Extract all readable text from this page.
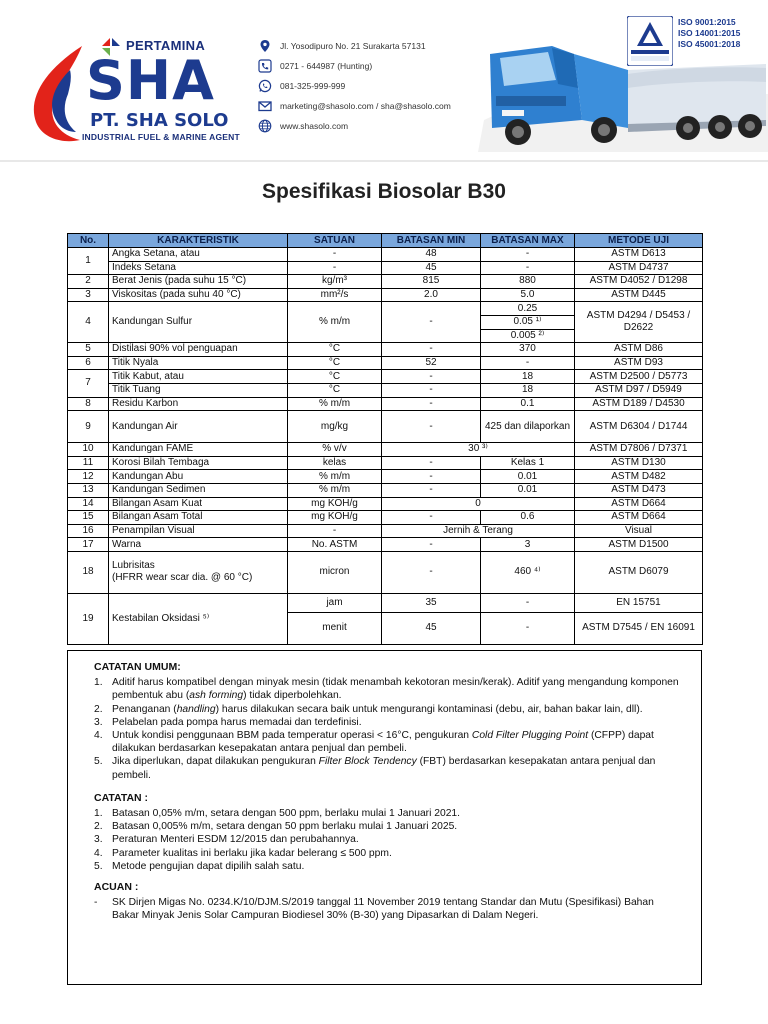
PERTAMINA
SHA
PT. SHA SOLO
INDUSTRIAL FUEL & MARINE AGENT
Jl. Yosodipuro No. 21 Surakarta 57131
0271 - 644987 (Hunting)
081-325-999-999
marketing@shasolo.com / sha@shasolo.com
www.shasolo.com
ISO 9001:2015
ISO 14001:2015
ISO 45001:2018
Spesifikasi Biosolar B30
No.	KARAKTERISTIK	SATUAN	BATASAN MIN	BATASAN MAX	METODE UJI
1	Angka Setana, atau	-	48	-	ASTM D613
	Indeks Setana	-	45	-	ASTM D4737
2	Berat Jenis (pada suhu 15 °C)	kg/m³	815	880	ASTM D4052 / D1298
3	Viskositas (pada suhu 40 °C)	mm²/s	2.0	5.0	ASTM D445
4	Kandungan Sulfur	% m/m	-	0.25	ASTM D4294 / D5453 / D2622
				0.05 ¹⁾	
				0.005 ²⁾	
5	Distilasi 90% vol penguapan	°C	-	370	ASTM D86
6	Titik Nyala	°C	52	-	ASTM D93
7	Titik Kabut, atau	°C	-	18	ASTM D2500 / D5773
	Titik Tuang	°C	-	18	ASTM D97 / D5949
8	Residu Karbon	% m/m	-	0.1	ASTM D189 / D4530
9	Kandungan Air	mg/kg	-	425 dan dilaporkan	ASTM D6304 / D1744
10	Kandungan FAME	% v/v	30 ³⁾		ASTM D7806 / D7371
11	Korosi Bilah Tembaga	kelas	-	Kelas 1	ASTM D130
12	Kandungan Abu	% m/m	-	0.01	ASTM D482
13	Kandungan Sedimen	% m/m	-	0.01	ASTM D473
14	Bilangan Asam Kuat	mg KOH/g	0		ASTM D664
15	Bilangan Asam Total	mg KOH/g	-	0.6	ASTM D664
16	Penampilan Visual	-	Jernih & Terang		Visual
17	Warna	No. ASTM	-	3	ASTM D1500
18	Lubrisitas
(HFRR wear scar dia. @ 60 °C)	micron	-	460 ⁴⁾	ASTM D6079
19	Kestabilan Oksidasi ⁵⁾	jam	35	-	EN 15751
		menit	45	-	ASTM D7545 / EN 16091
CATATAN UMUM:
1. Aditif harus kompatibel dengan minyak mesin (tidak menambah kekotoran mesin/kerak). Aditif yang mengandung komponen pembentuk abu (ash forming) tidak diperbolehkan.
2. Penanganan (handling) harus dilakukan secara baik untuk mengurangi kontaminasi (debu, air, bahan bakar lain, dll).
3. Pelabelan pada pompa harus memadai dan terdefinisi.
4. Untuk kondisi penggunaan BBM pada temperatur operasi < 16°C, pengukuran Cold Filter Plugging Point (CFPP) dapat dilakukan berdasarkan kesepakatan antara penjual dan pembeli.
5. Jika diperlukan, dapat dilakukan pengukuran Filter Block Tendency (FBT) berdasarkan kesepakatan antara penjual dan pembeli.
CATATAN :
1. Batasan 0,05% m/m, setara dengan 500 ppm, berlaku mulai 1 Januari 2021.
2. Batasan 0,005% m/m, setara dengan 50 ppm berlaku mulai 1 Januari 2025.
3. Peraturan Menteri ESDM 12/2015 dan perubahannya.
4. Parameter kualitas ini berlaku jika kadar belerang ≤ 500 ppm.
5. Metode pengujian dapat dipilih salah satu.
ACUAN :
- SK Dirjen Migas No. 0234.K/10/DJM.S/2019 tanggal 11 November 2019 tentang Standar dan Mutu (Spesifikasi) Bahan Bakar Minyak Jenis Solar Campuran Biodiesel 30% (B-30) yang Dipasarkan di Dalam Negeri.
